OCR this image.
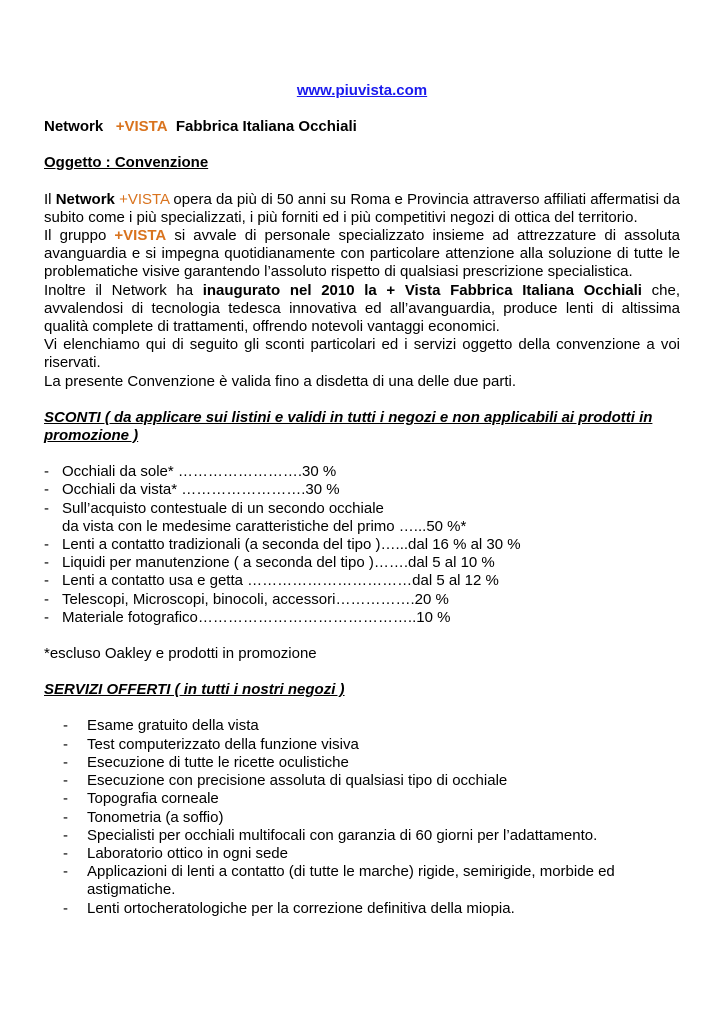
www.piuvista.com

Network +VISTA Fabbrica Italiana Occhiali

Oggetto : Convenzione

Il Network +VISTA opera da più di 50 anni su Roma e Provincia attraverso affiliati affermatisi da subito come i più specializzati, i più forniti ed i più competitivi negozi di ottica del territorio.

Il gruppo +VISTA si avvale di personale specializzato insieme ad attrezzature di assoluta avanguardia e si impegna quotidianamente con particolare attenzione alla soluzione di tutte le problematiche visive garantendo l’assoluto rispetto di qualsiasi prescrizione specialistica.

Inoltre il Network ha inaugurato nel 2010 la + Vista Fabbrica Italiana Occhiali che, avvalendosi di tecnologia tedesca innovativa ed all’avanguardia, produce lenti di altissima qualità complete di trattamenti, offrendo notevoli vantaggi economici.

Vi elenchiamo qui di seguito gli sconti particolari ed i servizi oggetto della convenzione a voi riservati.

La presente Convenzione è valida fino a disdetta di una delle due parti.

SCONTI ( da applicare sui listini e validi in tutti i negozi e non applicabili ai prodotti in promozione )

- Occhiali da sole* …………………….30 %
- Occhiali da vista* …………………….30 %
- Sull’acquisto contestuale di un secondo occhiale
da vista con le medesime caratteristiche del primo …...50 %*
- Lenti a contatto tradizionali (a seconda del tipo )…...dal 16 % al 30 %
- Liquidi per manutenzione ( a seconda del tipo )…….dal 5 al 10 %
- Lenti a contatto usa e getta ……………………………dal 5 al 12 %
- Telescopi, Microscopi, binocoli, accessori…………….20 %
- Materiale fotografico……………………………………..10 %

*escluso Oakley e prodotti in promozione

SERVIZI OFFERTI ( in tutti i nostri negozi )

- Esame gratuito della vista
- Test computerizzato della funzione visiva
- Esecuzione di tutte le ricette oculistiche
- Esecuzione con precisione assoluta di qualsiasi tipo di occhiale
- Topografia corneale
- Tonometria (a soffio)
- Specialisti per occhiali multifocali con garanzia di 60 giorni per l’adattamento.
- Laboratorio ottico in ogni sede
- Applicazioni di lenti a contatto (di tutte le marche) rigide, semirigide, morbide ed astigmatiche.
- Lenti ortocheratologiche per la correzione definitiva della miopia.
